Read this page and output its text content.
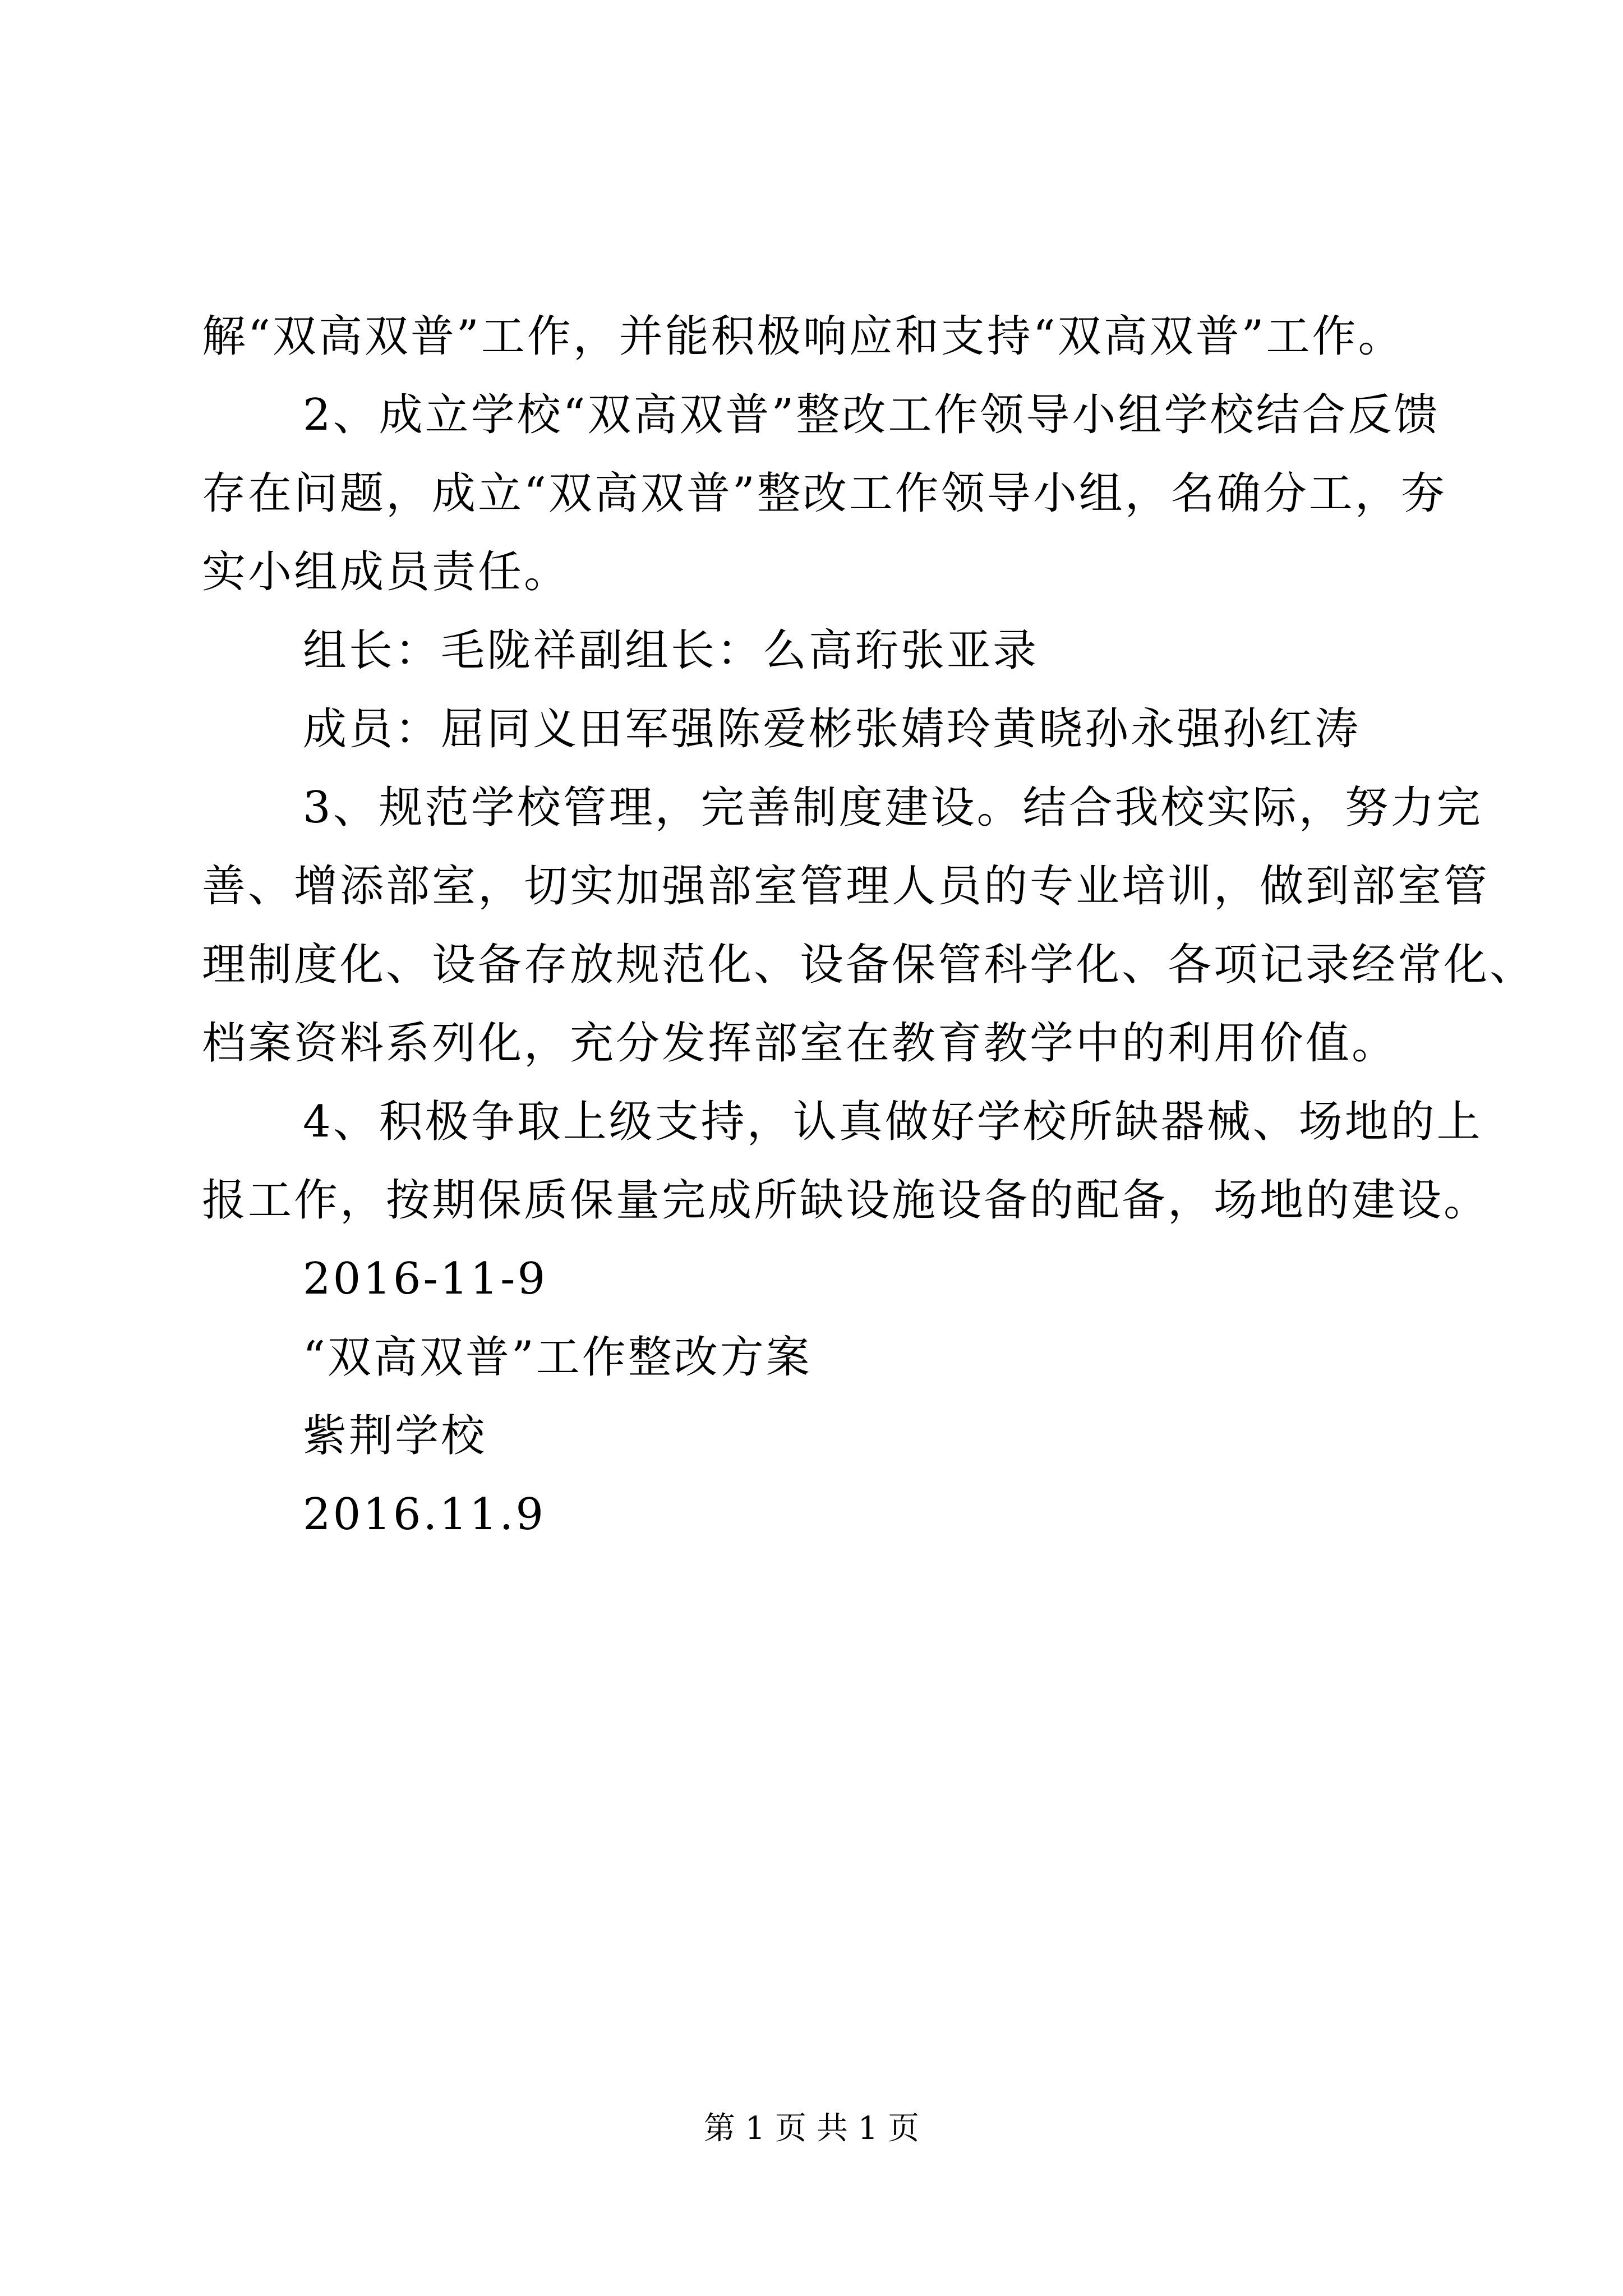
解“双高双普”工作，并能积极响应和支持“双高双普”工作。
2、成立学校“双高双普”整改工作领导小组学校结合反馈
存在问题，成立“双高双普”整改工作领导小组，名确分工，夯
实小组成员责任。
组长：毛陇祥副组长：么高珩张亚录
成员：屈同义田军强陈爱彬张婧玲黄晓孙永强孙红涛
3、规范学校管理，完善制度建设。结合我校实际，努力完
善、增添部室，切实加强部室管理人员的专业培训，做到部室管
理制度化、设备存放规范化、设备保管科学化、各项记录经常化、
档案资料系列化，充分发挥部室在教育教学中的利用价值。
4、积极争取上级支持，认真做好学校所缺器械、场地的上
报工作，按期保质保量完成所缺设施设备的配备，场地的建设。
2016-11-9
“双高双普”工作整改方案
紫荆学校
2016.11.9
第 1 页 共 1 页
